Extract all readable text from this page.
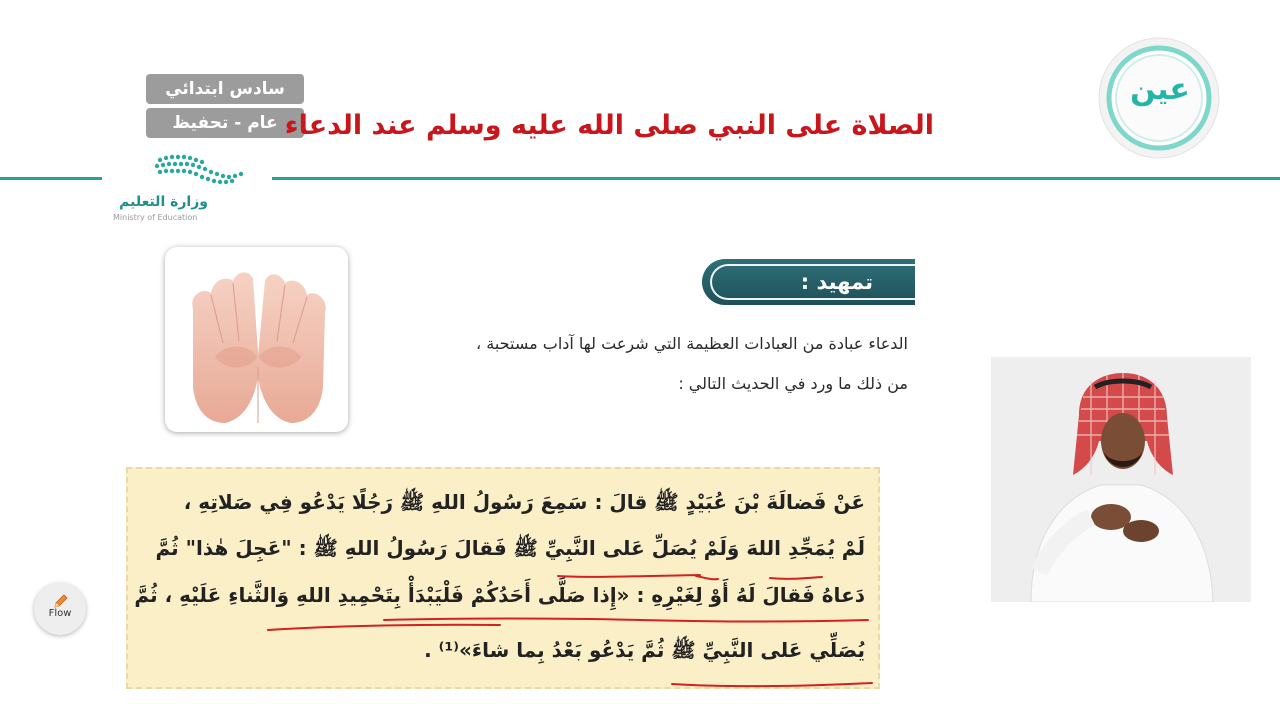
سادس ابتدائي
عام - تحفيظ الصلاة على النبي صلى الله عليه وسلم عند الدعاء
وزارة التعليم
Ministry of Education
عين
تمهيد :
الدعاء عبادة من العبادات العظيمة التي شرعت لها آداب مستحبة ،
من ذلك ما ورد في الحديث التالي :
عَنْ فَضالَةَ بْنَ عُبَيْدٍ ﷺ قالَ : سَمِعَ رَسُولُ اللهِ ﷺ رَجُلًا يَدْعُو فِي صَلاتِهِ ،
لَمْ يُمَجِّدِ اللهَ وَلَمْ يُصَلِّ عَلى النَّبِيِّ ﷺ فَقالَ رَسُولُ اللهِ ﷺ : "عَجِلَ هٰذا" ثُمَّ
دَعاهُ فَقالَ لَهُ أَوْ لِغَيْرِهِ : «إِذا صَلَّى أَحَدُكُمْ فَلْيَبْدَأْ بِتَحْمِيدِ اللهِ وَالثَّناءِ عَلَيْهِ ، ثُمَّ
يُصَلِّي عَلى النَّبِيِّ ﷺ ثُمَّ يَدْعُو بَعْدُ بِما شاءَ»⁽¹⁾ .
Flow
